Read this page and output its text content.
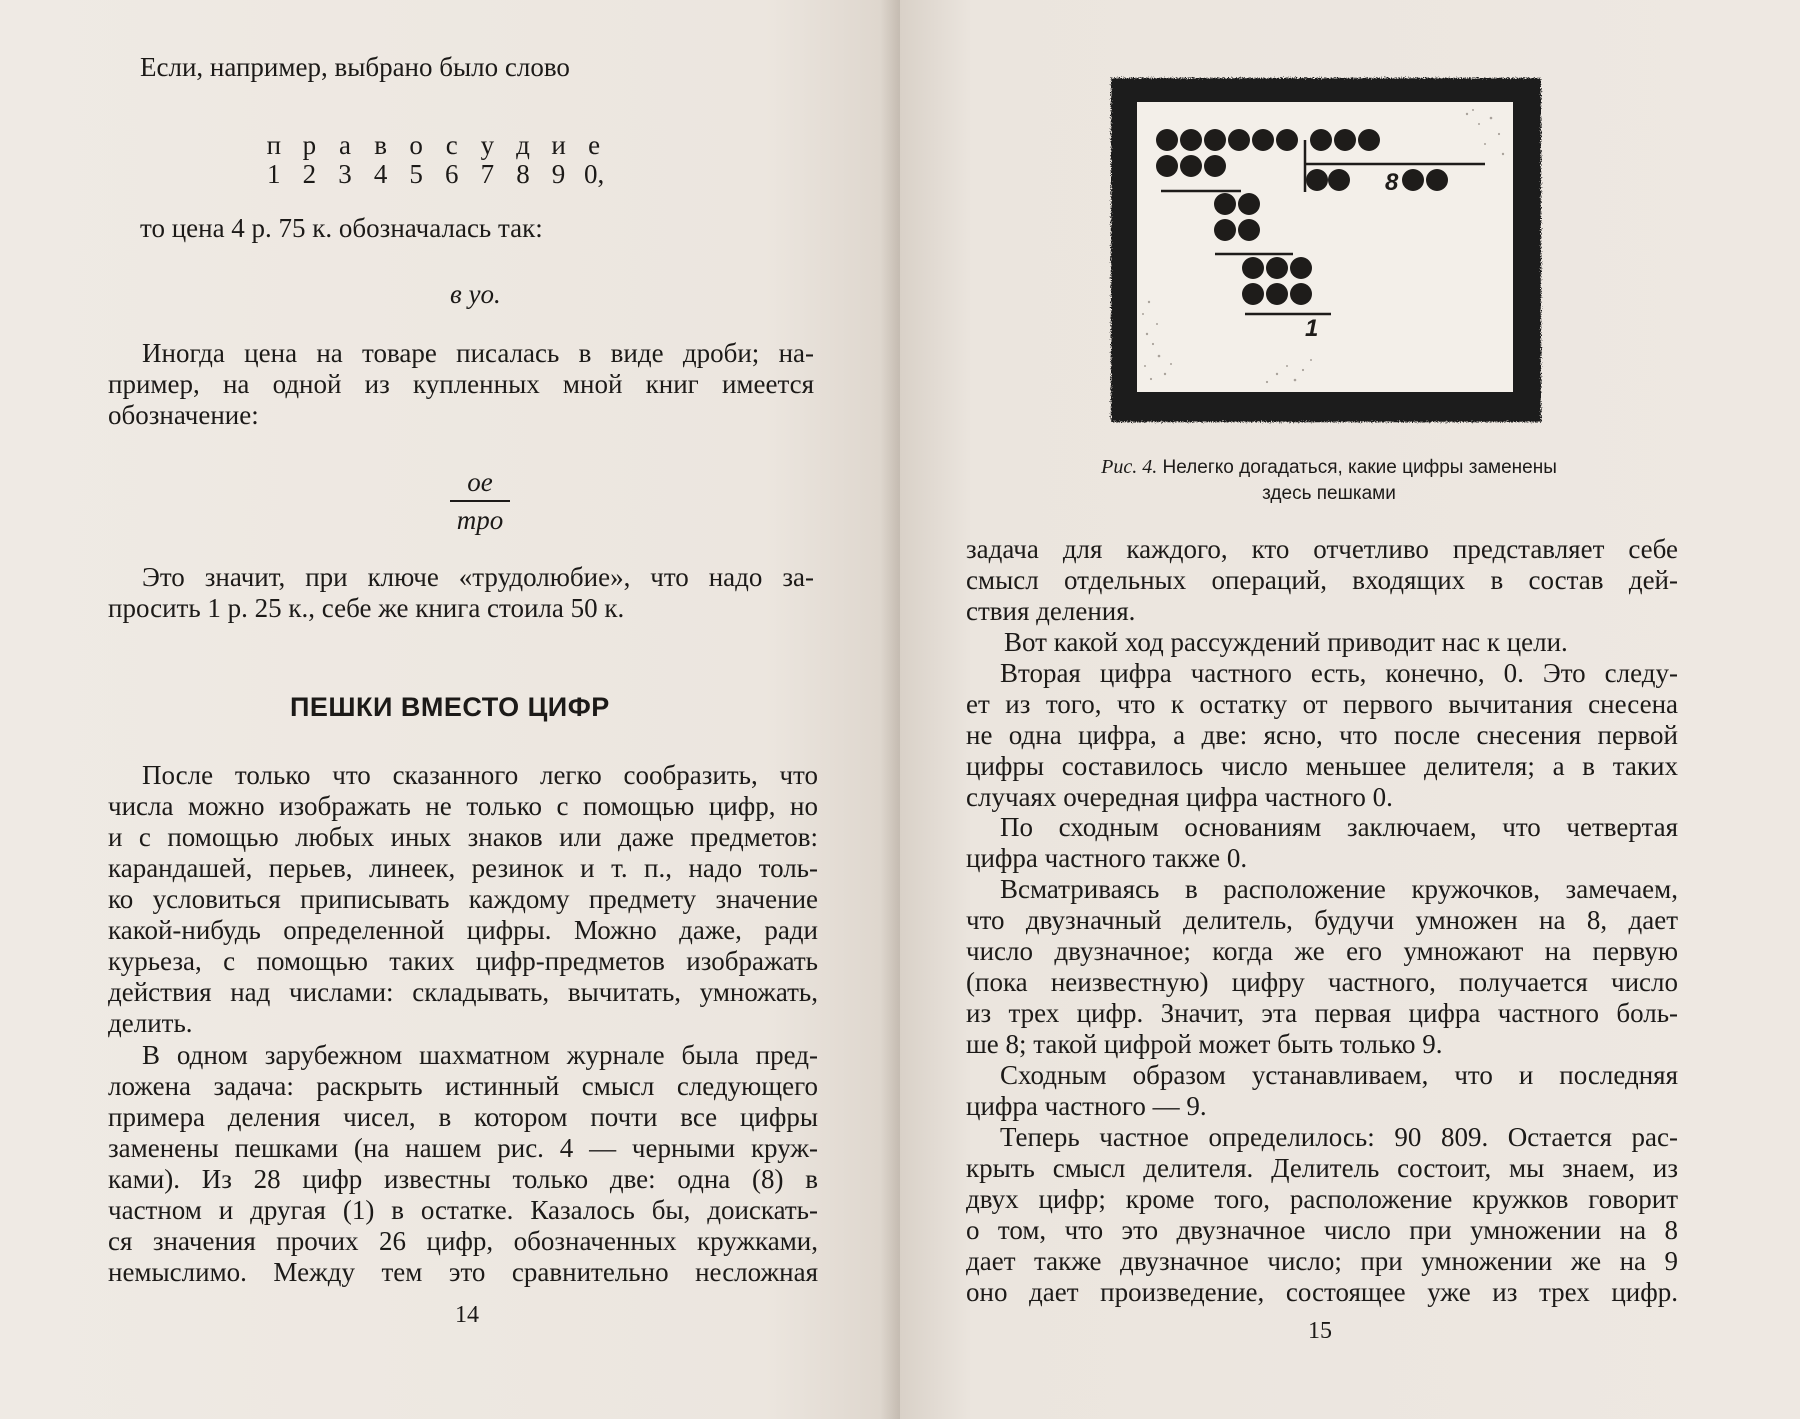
Если, например, выбрано было слово

п р а в о с у д и е
1 2 3 4 5 6 7 8 9 0,

то цена 4 р. 75 к. обозначалась так:

в уо.

Иногда цена на товаре писалась в виде дроби; на-

пример, на одной из купленных мной книг имеется

обозначение:

ое
тро

Это значит, при ключе «трудолюбие», что надо за-

просить 1 р. 25 к., себе же книга стоила 50 к.

ПЕШКИ ВМЕСТО ЦИФР

После только что сказанного легко сообразить, что

числа можно изображать не только с помощью цифр, но

и с помощью любых иных знаков или даже предметов:

карандашей, перьев, линеек, резинок и т. п., надо толь-

ко условиться приписывать каждому предмету значение

какой-нибудь определенной цифры. Можно даже, ради

курьеза, с помощью таких цифр-предметов изображать

действия над числами: складывать, вычитать, умножать,

делить.

В одном зарубежном шахматном журнале была пред-

ложена задача: раскрыть истинный смысл следующего

примера деления чисел, в котором почти все цифры

заменены пешками (на нашем рис. 4 — черными круж-

ками). Из 28 цифр известны только две: одна (8) в

частном и другая (1) в остатке. Казалось бы, доискать-

ся значения прочих 26 цифр, обозначенных кружками,

немыслимо. Между тем это сравнительно несложная

14
8
1
Рис. 4. Нелегко догадаться, какие цифры заменены
здесь пешками

задача для каждого, кто отчетливо представляет себе

смысл отдельных операций, входящих в состав дей-

ствия деления.

Вот какой ход рассуждений приводит нас к цели.

Вторая цифра частного есть, конечно, 0. Это следу-

ет из того, что к остатку от первого вычитания снесена

не одна цифра, а две: ясно, что после снесения первой

цифры составилось число меньшее делителя; а в таких

случаях очередная цифра частного 0.

По сходным основаниям заключаем, что четвертая

цифра частного также 0.

Всматриваясь в расположение кружочков, замечаем,

что двузначный делитель, будучи умножен на 8, дает

число двузначное; когда же его умножают на первую

(пока неизвестную) цифру частного, получается число

из трех цифр. Значит, эта первая цифра частного боль-

ше 8; такой цифрой может быть только 9.

Сходным образом устанавливаем, что и последняя

цифра частного — 9.

Теперь частное определилось: 90 809. Остается рас-

крыть смысл делителя. Делитель состоит, мы знаем, из

двух цифр; кроме того, расположение кружков говорит

о том, что это двузначное число при умножении на 8

дает также двузначное число; при умножении же на 9

оно дает произведение, состоящее уже из трех цифр.

15
